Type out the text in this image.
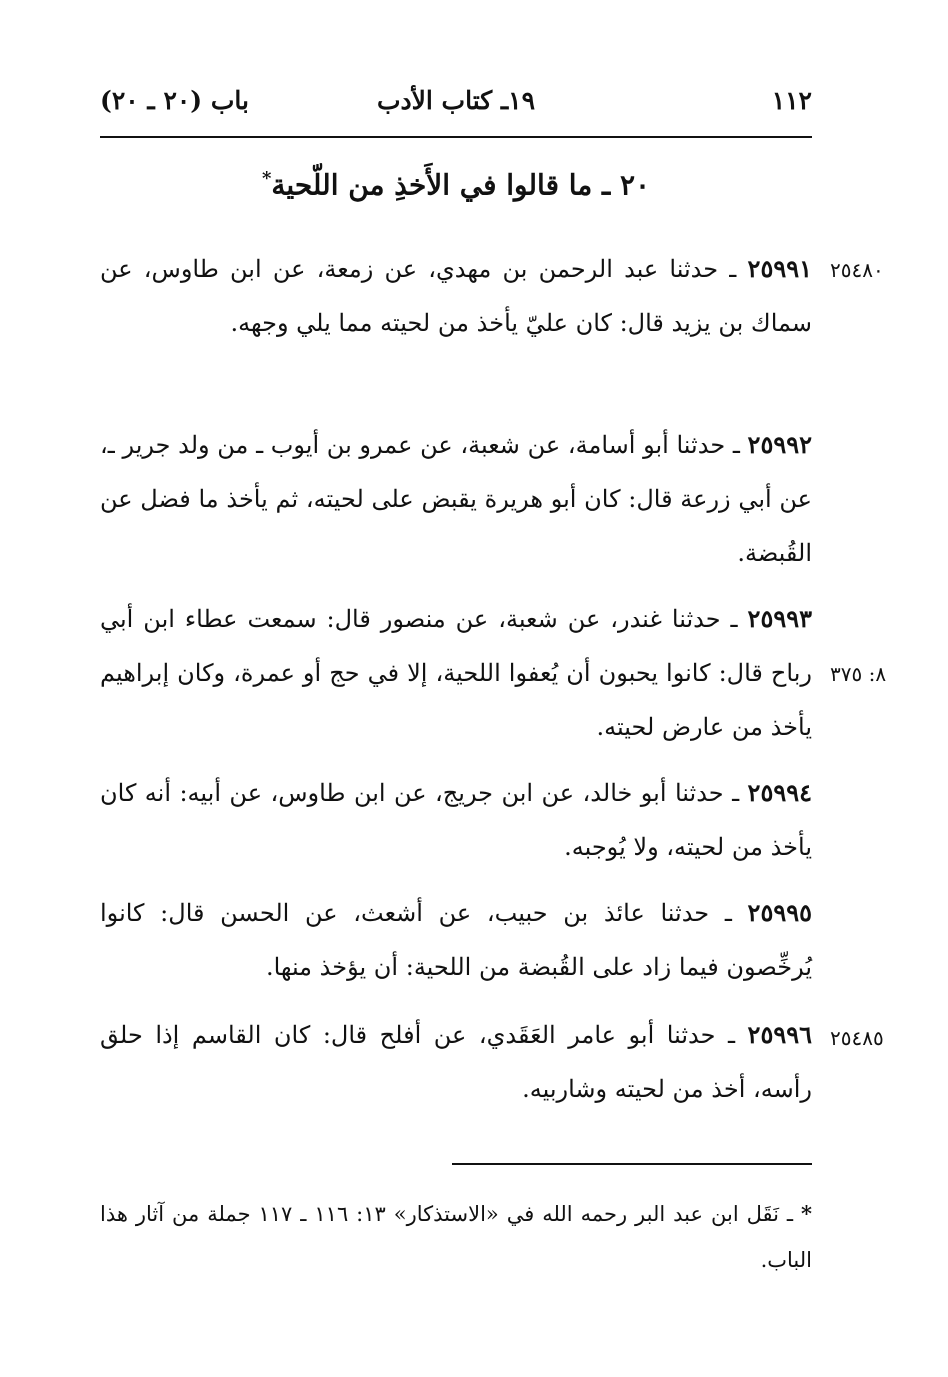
١١٢
١٩ـ كتاب الأدب
باب (٢٠ ـ ٢٠)
٢٠ ـ ما قالوا في الأَخذِ من اللّحية*
٢٥٩٩١ ـ حدثنا عبد الرحمن بن مهدي، عن زمعة، عن ابن طاوس، عن سماك بن يزيد قال: كان عليّ يأخذ من لحيته مما يلي وجهه.
٢٥٤٨٠
٢٥٩٩٢ ـ حدثنا أبو أسامة، عن شعبة، عن عمرو بن أيوب ـ من ولد جرير ـ، عن أبي زرعة قال: كان أبو هريرة يقبض على لحيته، ثم يأخذ ما فضل عن القُبضة.
٢٥٩٩٣ ـ حدثنا غندر، عن شعبة، عن منصور قال: سمعت عطاء ابن أبي رباح قال: كانوا يحبون أن يُعفوا اللحية، إلا في حج أو عمرة، وكان إبراهيم يأخذ من عارض لحيته.
٨: ٣٧٥
٢٥٩٩٤ ـ حدثنا أبو خالد، عن ابن جريج، عن ابن طاوس، عن أبيه: أنه كان يأخذ من لحيته، ولا يُوجبه.
٢٥٩٩٥ ـ حدثنا عائذ بن حبيب، عن أشعث، عن الحسن قال: كانوا يُرخِّصون فيما زاد على القُبضة من اللحية: أن يؤخذ منها.
٢٥٩٩٦ ـ حدثنا أبو عامر العَقَدي، عن أفلح قال: كان القاسم إذا حلق رأسه، أخذ من لحيته وشاربيه.
٢٥٤٨٥
* ـ نَقَل ابن عبد البر رحمه الله في «الاستذكار» ١٣: ١١٦ ـ ١١٧ جملة من آثار هذا الباب.
